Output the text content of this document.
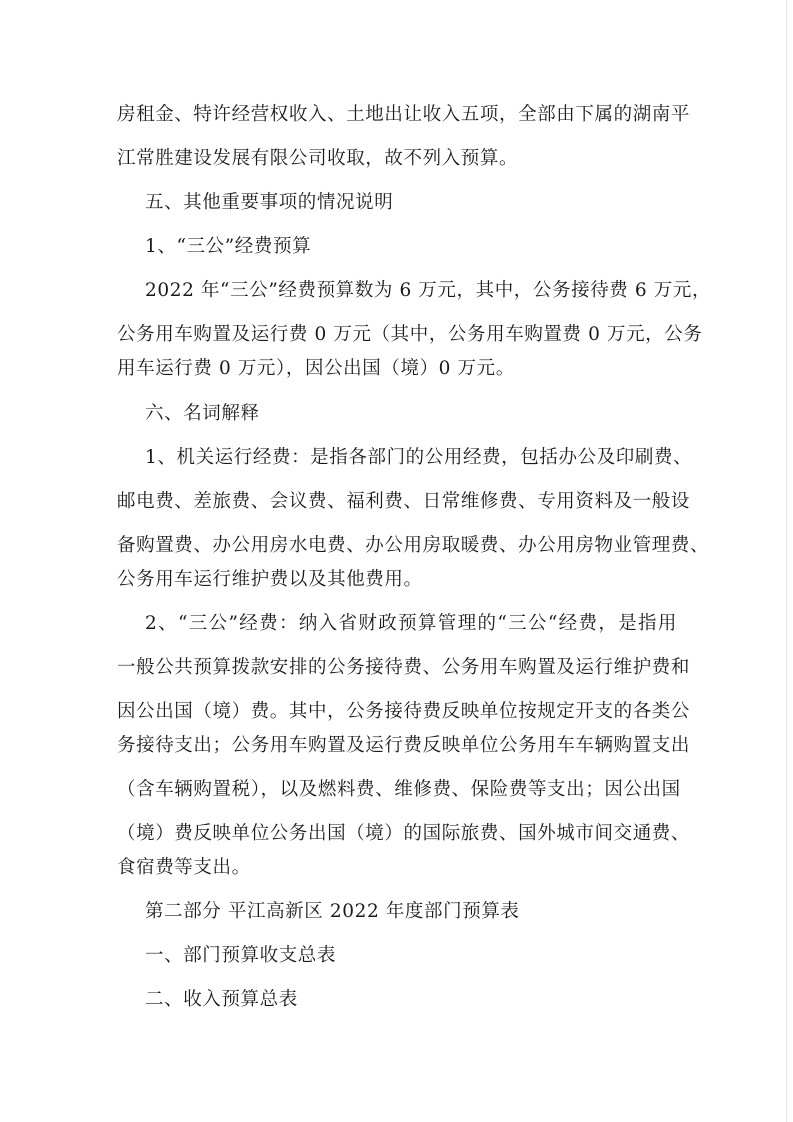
房租金、特许经营权收入、土地出让收入五项，全部由下属的湖南平
江常胜建设发展有限公司收取，故不列入预算。
五、其他重要事项的情况说明
1、“三公”经费预算
2022 年“三公”经费预算数为 6 万元，其中，公务接待费 6 万元，
公务用车购置及运行费 0 万元（其中，公务用车购置费 0 万元，公务
用车运行费 0 万元），因公出国（境）0 万元。
六、名词解释
1、机关运行经费：是指各部门的公用经费，包括办公及印刷费、
邮电费、差旅费、会议费、福利费、日常维修费、专用资料及一般设
备购置费、办公用房水电费、办公用房取暖费、办公用房物业管理费、
公务用车运行维护费以及其他费用。
2、“三公”经费：纳入省财政预算管理的“三公“经费，是指用
一般公共预算拨款安排的公务接待费、公务用车购置及运行维护费和
因公出国（境）费。其中，公务接待费反映单位按规定开支的各类公
务接待支出；公务用车购置及运行费反映单位公务用车车辆购置支出
（含车辆购置税），以及燃料费、维修费、保险费等支出；因公出国
（境）费反映单位公务出国（境）的国际旅费、国外城市间交通费、
食宿费等支出。
第二部分 平江高新区 2022 年度部门预算表
一、部门预算收支总表
二、收入预算总表
